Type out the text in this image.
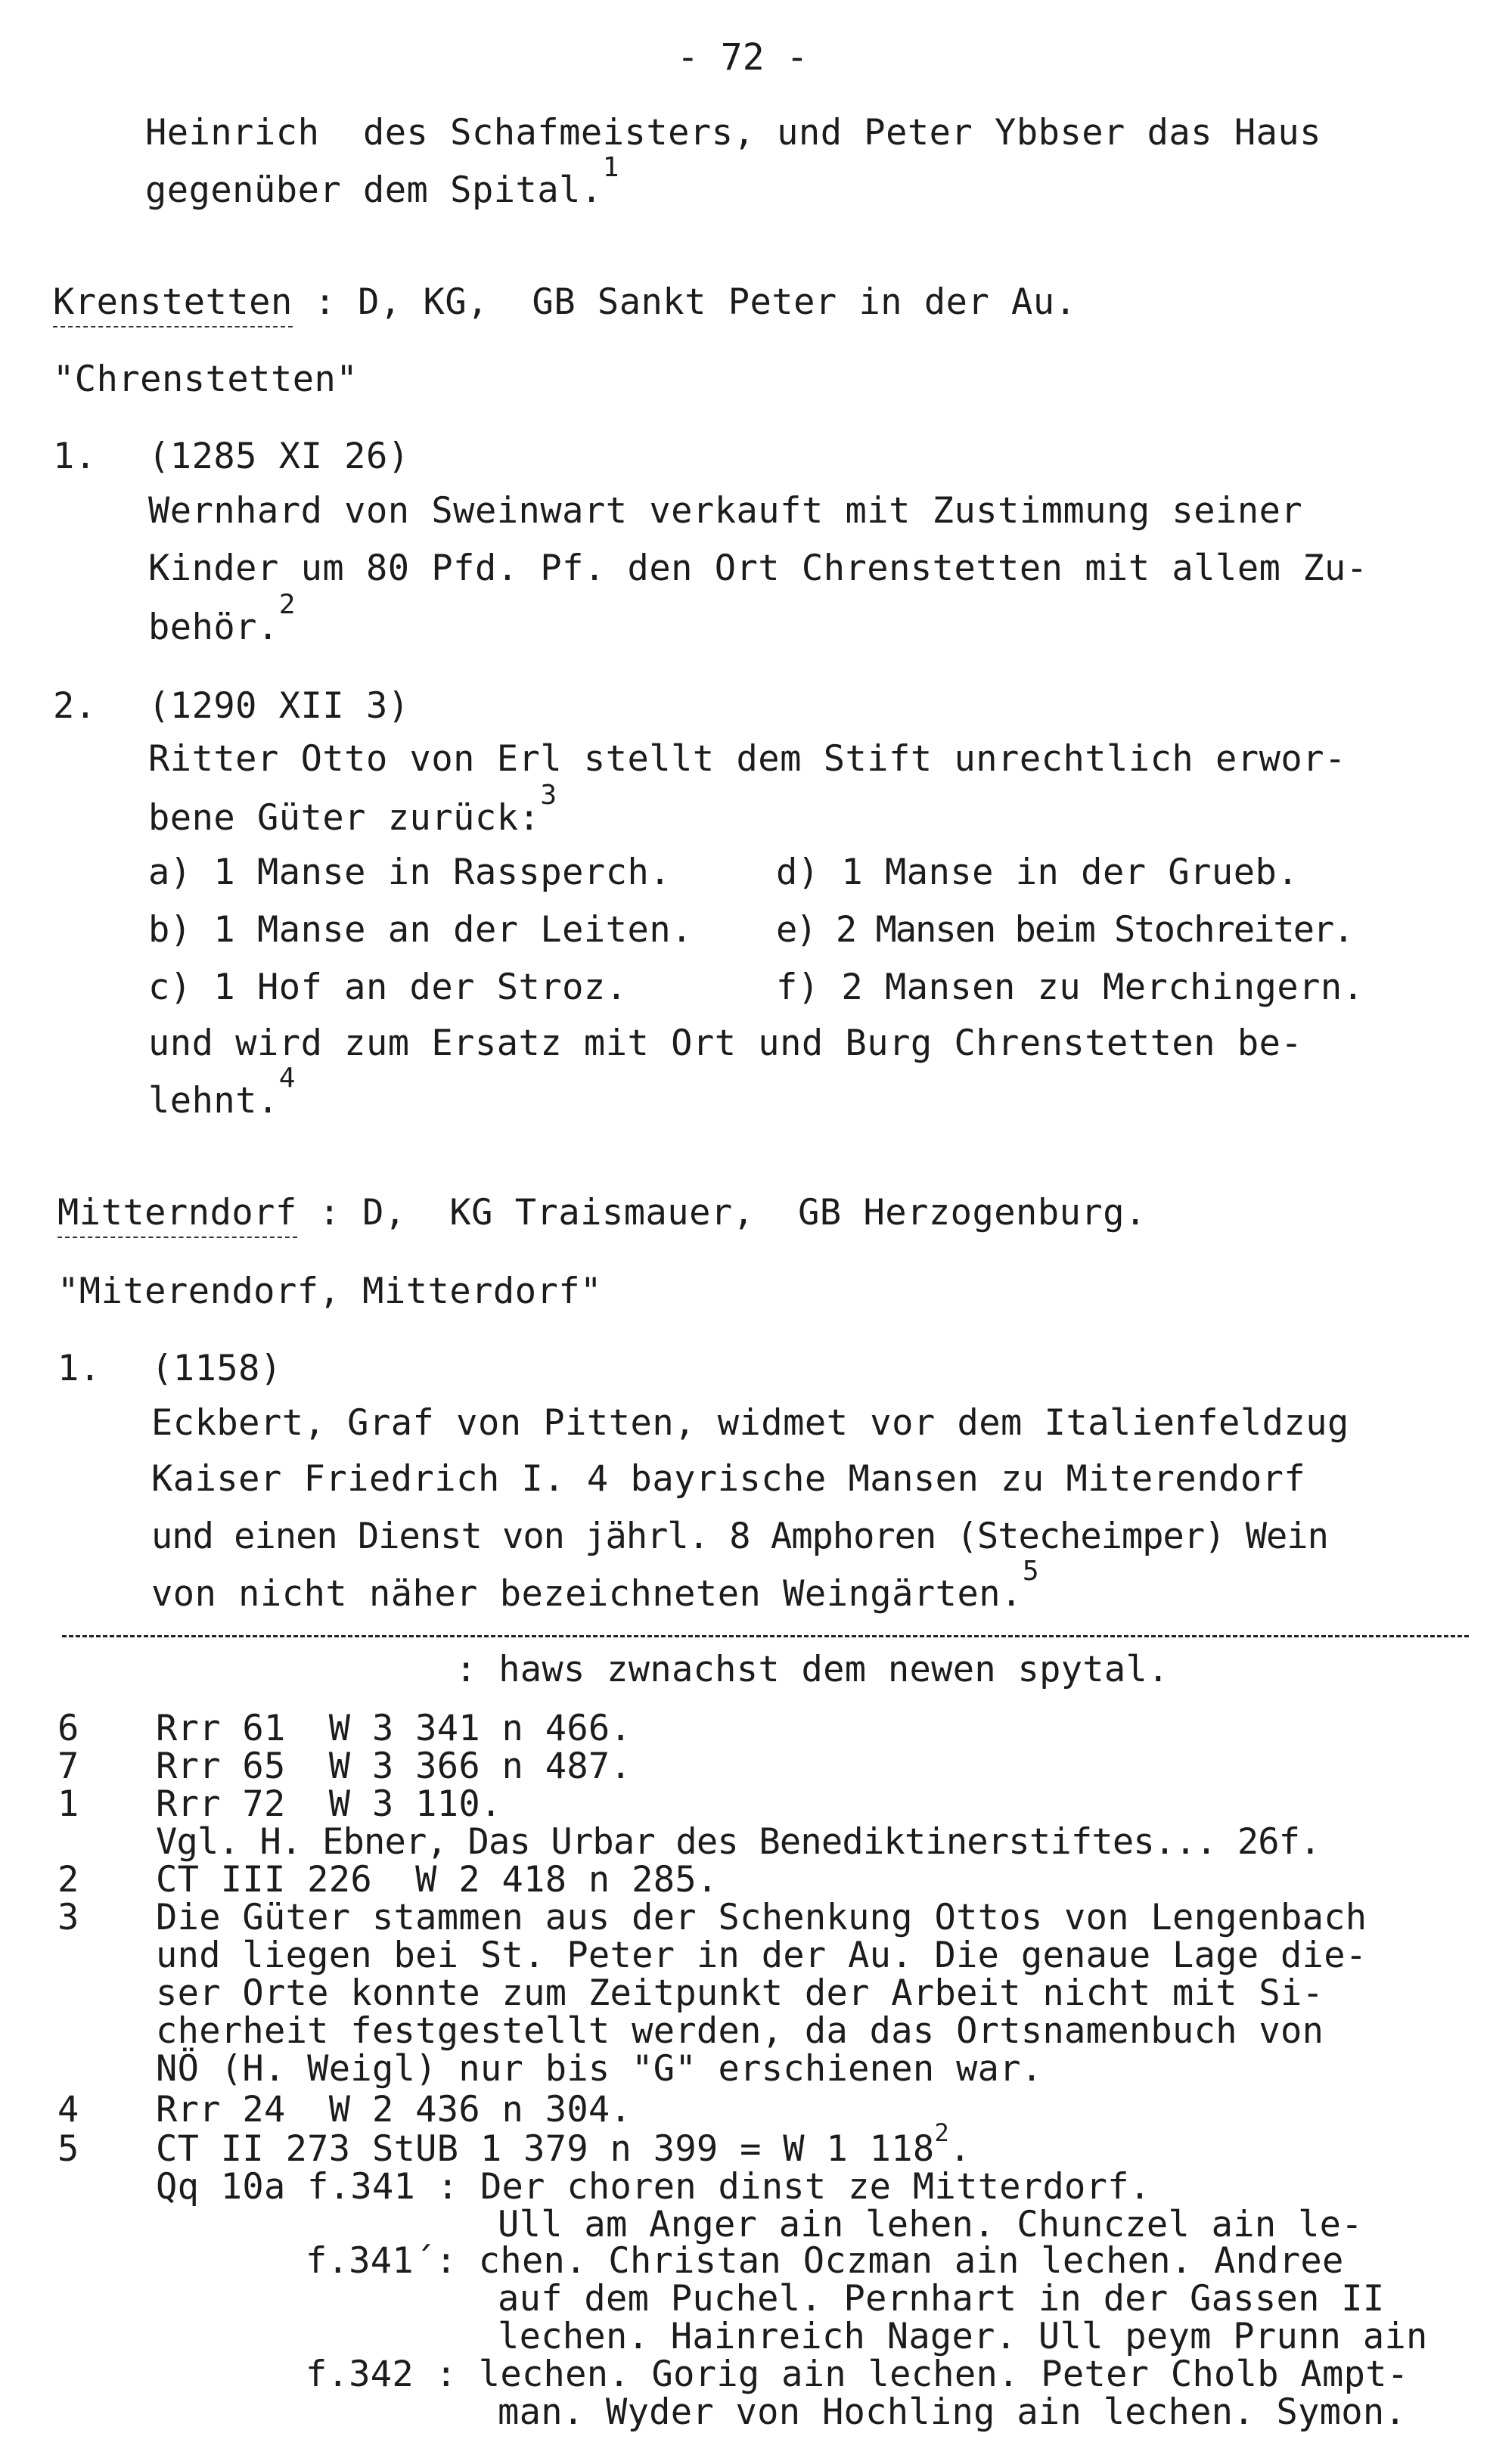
- 72 -
Heinrich  des Schafmeisters, und Peter Ybbser das Haus
gegenüber dem Spital.$^1$
Krenstetten : D, KG,  GB Sankt Peter in der Au.
"Chrenstetten"
1. (1285 XI 26)
Wernhard von Sweinwart verkauft mit Zustimmung seiner
Kinder um 80 Pfd. Pf. den Ort Chrenstetten mit allem Zu-
behör.$^2$
2. (1290 XII 3)
Ritter Otto von Erl stellt dem Stift unrechtlich erwor-
bene Güter zurück:$^3$
a) 1 Manse in Rassperch.	d) 1 Manse in der Grueb.
b) 1 Manse an der Leiten. e) 2 Mansen beim Stochreiter.
c) 1 Hof an der Stroz.	f) 2 Mansen zu Merchingern.
und wird zum Ersatz mit Ort und Burg Chrenstetten be-
lehnt.$^4$
Mitterndorf : D,  KG Traismauer,  GB Herzogenburg.
"Miterendorf, Mitterdorf"
1. (1158)
Eckbert, Graf von Pitten, widmet vor dem Italienfeldzug
Kaiser Friedrich I. 4 bayrische Mansen zu Miterendorf
und einen Dienst von jährl. 8 Amphoren (Stecheimper) Wein
von nicht näher bezeichneten Weingärten.$^5$
: haws zwnachst dem newen spytal.
6 Rrr 61  W 3 341 n 466.
7 Rrr 65  W 3 366 n 487.
1 Rrr 72  W 3 110.
Vgl. H. Ebner, Das Urbar des Benediktinerstiftes... 26f.
2 CT III 226  W 2 418 n 285.
3 Die Güter stammen aus der Schenkung Ottos von Lengenbach
und liegen bei St. Peter in der Au. Die genaue Lage die-
ser Orte konnte zum Zeitpunkt der Arbeit nicht mit Si-
cherheit festgestellt werden, da das Ortsnamenbuch von
NÖ (H. Weigl) nur bis "G" erschienen war.
4 Rrr 24  W 2 436 n 304.
5 CT II 273 StUB 1 379 n 399 = W 1 $118^2$.
Qq 10a f.341 : Der choren dinst ze Mitterdorf.
Ull am Anger ain lehen. Chunczel ain le-
f.341´: chen. Christan Oczman ain lechen. Andree
auf dem Puchel. Pernhart in der Gassen II
lechen. Hainreich Nager. Ull peym Prunn ain
f.342 : lechen. Gorig ain lechen. Peter Cholb Ampt-
man. Wyder von Hochling ain lechen. Symon.
